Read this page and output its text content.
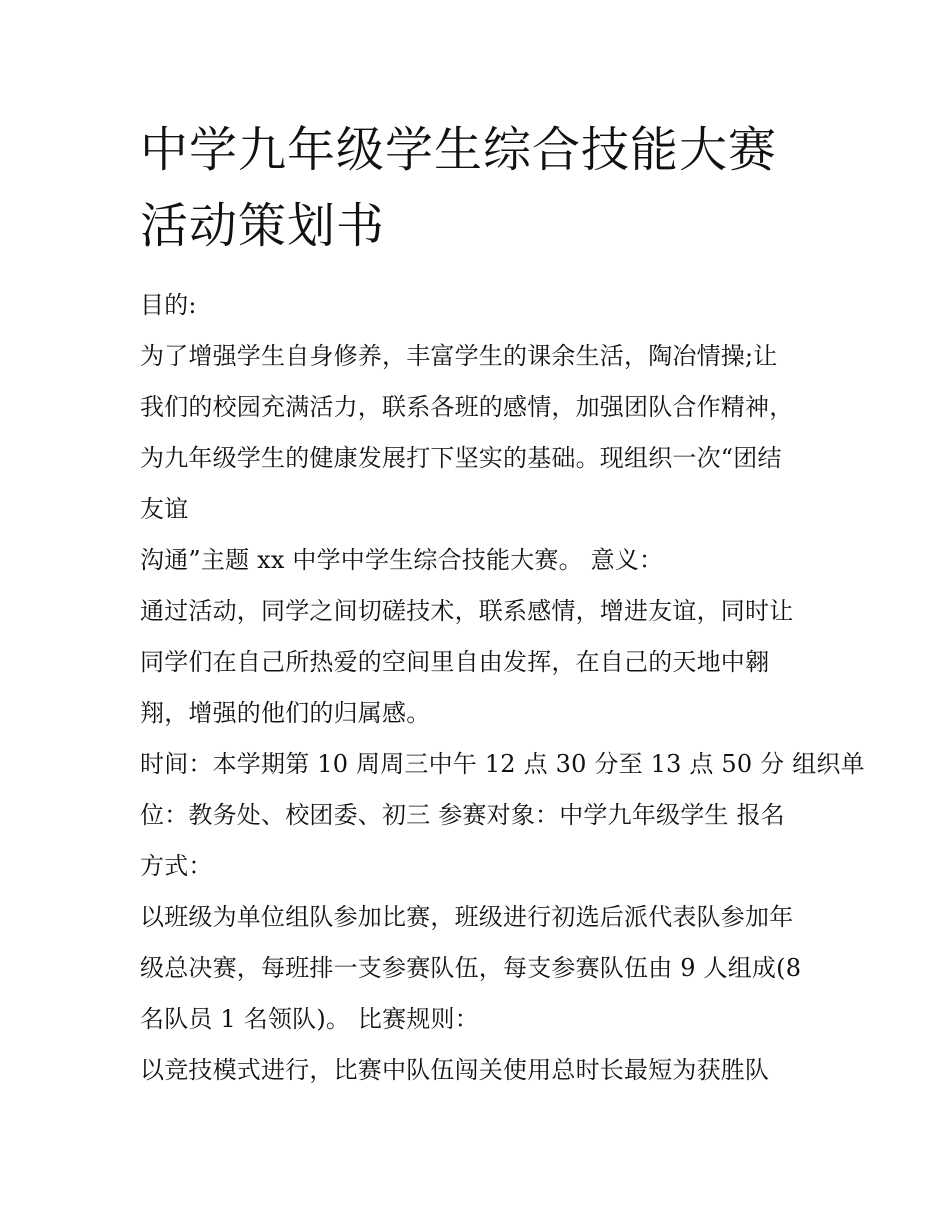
中学九年级学生综合技能大赛
活动策划书
目的:
为了增强学生自身修养，丰富学生的课余生活，陶冶情操;让
我们的校园充满活力，联系各班的感情，加强团队合作精神，
为九年级学生的健康发展打下坚实的基础。现组织一次“团结
友谊
沟通”主题 xx 中学中学生综合技能大赛。 意义：
通过活动，同学之间切磋技术，联系感情，增进友谊，同时让
同学们在自己所热爱的空间里自由发挥，在自己的天地中翱
翔，增强的他们的归属感。
时间：本学期第 10 周周三中午 12 点 30 分至 13 点 50 分 组织单
位：教务处、校团委、初三 参赛对象：中学九年级学生 报名
方式：
以班级为单位组队参加比赛，班级进行初选后派代表队参加年
级总决赛，每班排一支参赛队伍，每支参赛队伍由 9 人组成(8
名队员 1 名领队)。 比赛规则：
以竞技模式进行，比赛中队伍闯关使用总时长最短为获胜队
